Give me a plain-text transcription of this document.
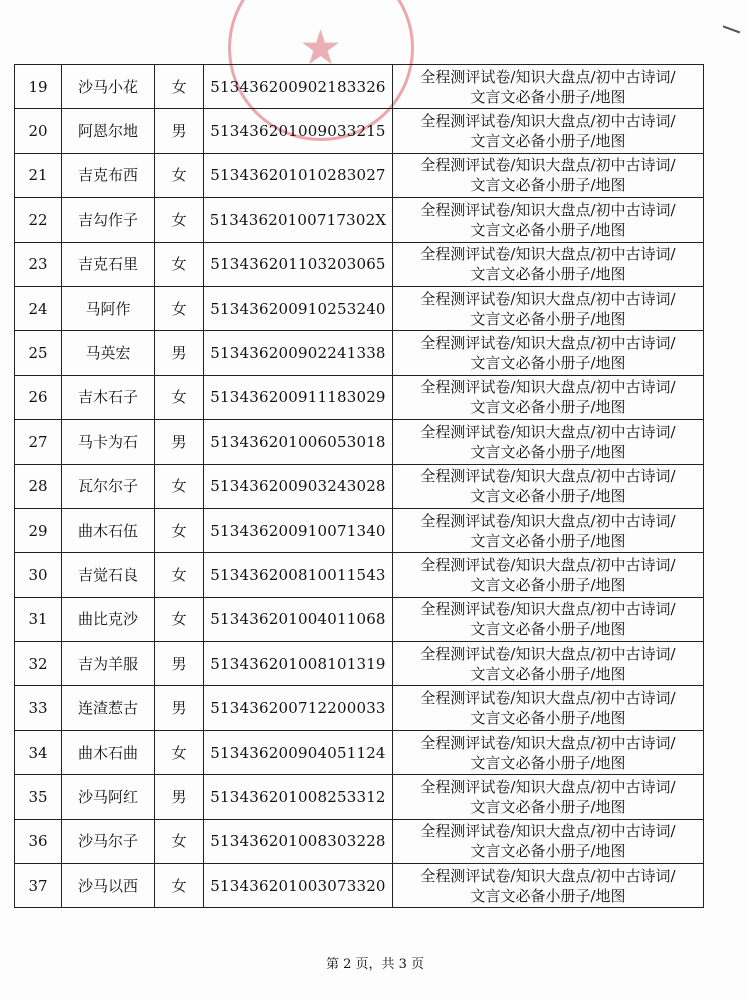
★
19	沙马小花	女	513436200902183326	全程测评试卷/知识大盘点/初中古诗词/
文言文必备小册子/地图

20	阿恩尔地	男	513436201009033215	全程测评试卷/知识大盘点/初中古诗词/
文言文必备小册子/地图

21	吉克布西	女	513436201010283027	全程测评试卷/知识大盘点/初中古诗词/
文言文必备小册子/地图

22	吉勾作子	女	51343620100717302X	全程测评试卷/知识大盘点/初中古诗词/
文言文必备小册子/地图

23	吉克石里	女	513436201103203065	全程测评试卷/知识大盘点/初中古诗词/
文言文必备小册子/地图

24	马阿作	女	513436200910253240	全程测评试卷/知识大盘点/初中古诗词/
文言文必备小册子/地图

25	马英宏	男	513436200902241338	全程测评试卷/知识大盘点/初中古诗词/
文言文必备小册子/地图

26	吉木石子	女	513436200911183029	全程测评试卷/知识大盘点/初中古诗词/
文言文必备小册子/地图

27	马卡为石	男	513436201006053018	全程测评试卷/知识大盘点/初中古诗词/
文言文必备小册子/地图

28	瓦尔尔子	女	513436200903243028	全程测评试卷/知识大盘点/初中古诗词/
文言文必备小册子/地图

29	曲木石伍	女	513436200910071340	全程测评试卷/知识大盘点/初中古诗词/
文言文必备小册子/地图

30	吉觉石良	女	513436200810011543	全程测评试卷/知识大盘点/初中古诗词/
文言文必备小册子/地图

31	曲比克沙	女	513436201004011068	全程测评试卷/知识大盘点/初中古诗词/
文言文必备小册子/地图

32	吉为羊服	男	513436201008101319	全程测评试卷/知识大盘点/初中古诗词/
文言文必备小册子/地图

33	连渣惹古	男	513436200712200033	全程测评试卷/知识大盘点/初中古诗词/
文言文必备小册子/地图

34	曲木石曲	女	513436200904051124	全程测评试卷/知识大盘点/初中古诗词/
文言文必备小册子/地图

35	沙马阿红	男	513436201008253312	全程测评试卷/知识大盘点/初中古诗词/
文言文必备小册子/地图

36	沙马尔子	女	513436201008303228	全程测评试卷/知识大盘点/初中古诗词/
文言文必备小册子/地图

37	沙马以西	女	513436201003073320	全程测评试卷/知识大盘点/初中古诗词/
文言文必备小册子/地图
第 2 页，共 3 页
